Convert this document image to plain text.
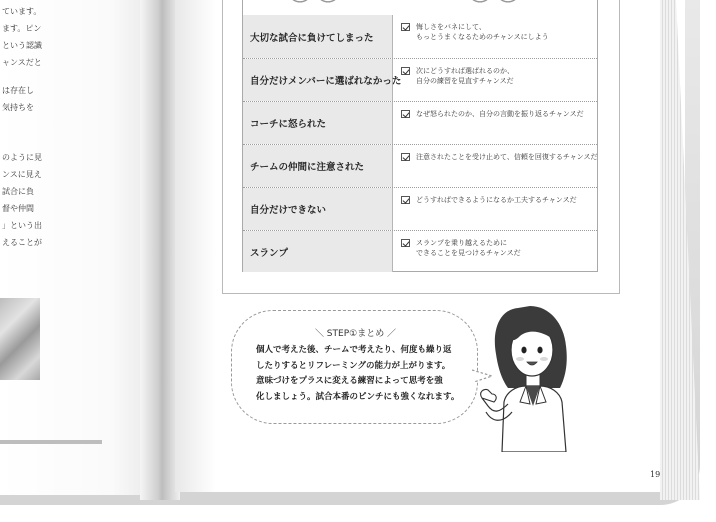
ています。
ます。ピン
という認識
ャンスだと
は存在し
気持ちを
のように見
ンスに見え
試合に負
督や仲間
」という出
えることが
大切な試合に負けてしまった
悔しさをバネにして、
もっとうまくなるためのチャンスにしよう
自分だけメンバーに選ばれなかった
次にどうすれば選ばれるのか、
自分の練習を見直すチャンスだ
コーチに怒られた
なぜ怒られたのか、自分の言動を振り返るチャンスだ
チームの仲間に注意された
注意されたことを受け止めて、信頼を回復するチャンスだ
自分だけできない
どうすればできるようになるか工夫するチャンスだ
スランプ
スランプを乗り越えるために
できることを見つけるチャンスだ
＼ STEP①まとめ ／
個人で考えた後、チームで考えたり、何度も繰り返
したりするとリフレーミングの能力が上がります。
意味づけをプラスに変える練習によって思考を強
化しましょう。試合本番のピンチにも強くなれます。
19
